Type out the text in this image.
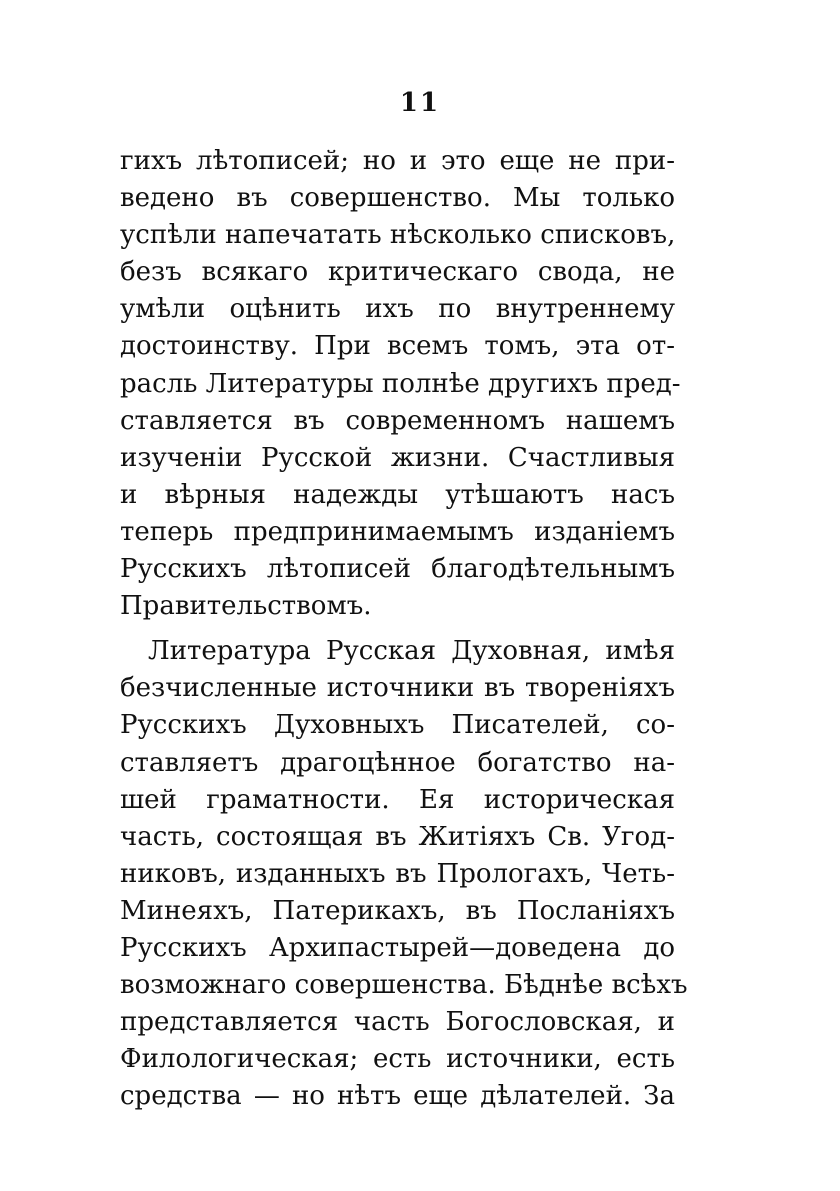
11
гихъ лѣтописей; но и это еще не при-
ведено въ совершенство. Мы только
успѣли напечатать нѣсколько списковъ,
безъ всякаго критическаго свода, не
умѣли оцѣнить ихъ по внутреннему
достоинству. При всемъ томъ, эта от-
расль Литературы полнѣе другихъ пред-
ставляется въ современномъ нашемъ
изученіи Русской жизни. Счастливыя
и вѣрныя надежды утѣшаютъ насъ
теперь предпринимаемымъ изданіемъ
Русскихъ лѣтописей благодѣтельнымъ
Правительствомъ.
Литература Русская Духовная, имѣя
безчисленные источники въ твореніяхъ
Русскихъ Духовныхъ Писателей, со-
ставляетъ драгоцѣнное богатство на-
шей граматности. Ея историческая
часть, состоящая въ Житіяхъ Св. Угод-
никовъ, изданныхъ въ Прологахъ, Четь-
Минеяхъ, Патерикахъ, въ Посланіяхъ
Русскихъ Архипастырей—доведена до
возможнаго совершенства. Бѣднѣе всѣхъ
представляется часть Богословская, и
Филологическая; есть источники, есть
средства — но нѣтъ еще дѣлателей. За
